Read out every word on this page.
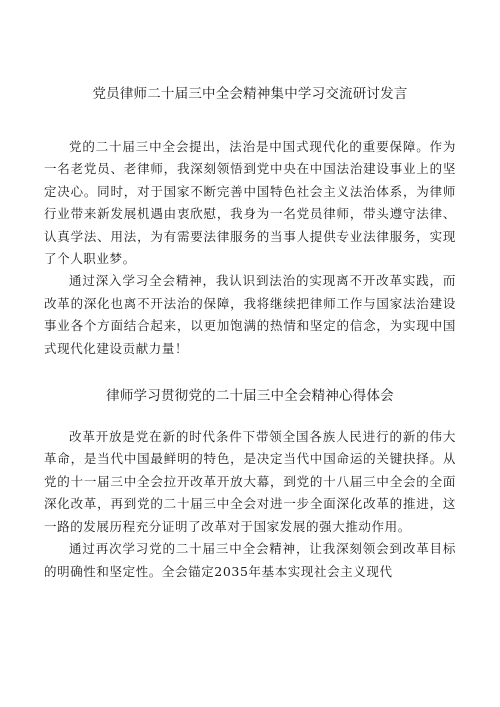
党员律师二十届三中全会精神集中学习交流研讨发言

党的二十届三中全会提出，法治是中国式现代化的重要保障。作为一名老党员、老律师，我深刻领悟到党中央在中国法治建设事业上的坚定决心。同时，对于国家不断完善中国特色社会主义法治体系，为律师行业带来新发展机遇由衷欣慰，我身为一名党员律师，带头遵守法律、认真学法、用法，为有需要法律服务的当事人提供专业法律服务，实现了个人职业梦。

通过深入学习全会精神，我认识到法治的实现离不开改革实践，而改革的深化也离不开法治的保障，我将继续把律师工作与国家法治建设事业各个方面结合起来，以更加饱满的热情和坚定的信念，为实现中国式现代化建设贡献力量！

律师学习贯彻党的二十届三中全会精神心得体会

改革开放是党在新的时代条件下带领全国各族人民进行的新的伟大革命，是当代中国最鲜明的特色，是决定当代中国命运的关键抉择。从党的十一届三中全会拉开改革开放大幕，到党的十八届三中全会的全面深化改革，再到党的二十届三中全会对进一步全面深化改革的推进，这一路的发展历程充分证明了改革对于国家发展的强大推动作用。

通过再次学习党的二十届三中全会精神，让我深刻领会到改革目标的明确性和坚定性。全会锚定2035年基本实现社会主义现代
